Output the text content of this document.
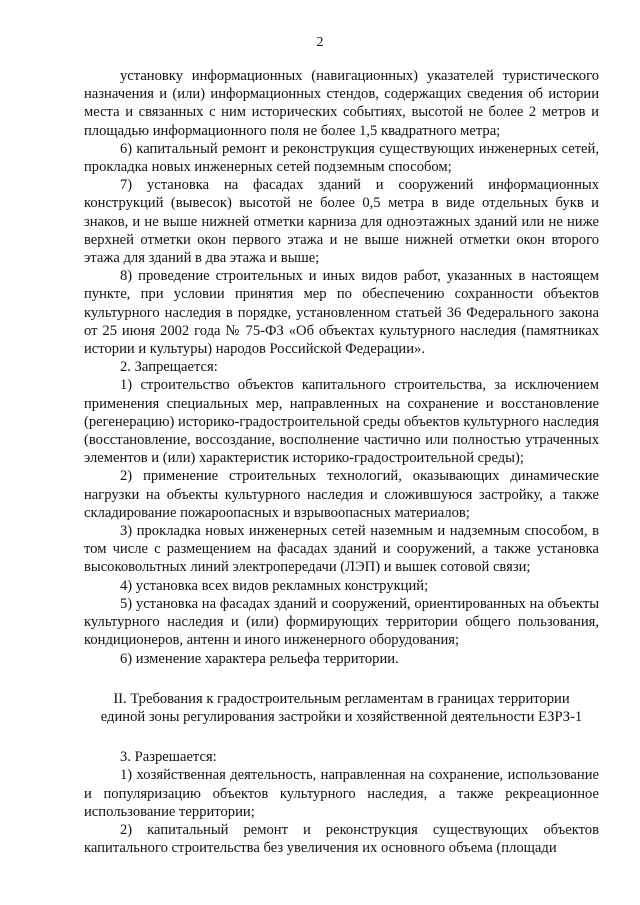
2

установку информационных (навигационных) указателей туристического назначения и (или) информационных стендов, содержащих сведения об истории места и связанных с ним исторических событиях, высотой не более 2 метров и площадью информационного поля не более 1,5 квадратного метра;

6) капитальный ремонт и реконструкция существующих инженерных сетей, прокладка новых инженерных сетей подземным способом;

7) установка на фасадах зданий и сооружений информационных конструкций (вывесок) высотой не более 0,5 метра в виде отдельных букв и знаков, и не выше нижней отметки карниза для одноэтажных зданий или не ниже верхней отметки окон первого этажа и не выше нижней отметки окон второго этажа для зданий в два этажа и выше;

8) проведение строительных и иных видов работ, указанных в настоящем пункте, при условии принятия мер по обеспечению сохранности объектов культурного наследия в порядке, установленном статьей 36 Федерального закона от 25 июня 2002 года № 75-ФЗ «Об объектах культурного наследия (памятниках истории и культуры) народов Российской Федерации».

2. Запрещается:

1) строительство объектов капитального строительства, за исключением применения специальных мер, направленных на сохранение и восстановление (регенерацию) историко-градостроительной среды объектов культурного наследия (восстановление, воссоздание, восполнение частично или полностью утраченных элементов и (или) характеристик историко-градостроительной среды);

2) применение строительных технологий, оказывающих динамические нагрузки на объекты культурного наследия и сложившуюся застройку, а также складирование пожароопасных и взрывоопасных материалов;

3) прокладка новых инженерных сетей наземным и надземным способом, в том числе с размещением на фасадах зданий и сооружений, а также установка высоковольтных линий электропередачи (ЛЭП) и вышек сотовой связи;

4) установка всех видов рекламных конструкций;

5) установка на фасадах зданий и сооружений, ориентированных на объекты культурного наследия и (или) формирующих территории общего пользования, кондиционеров, антенн и иного инженерного оборудования;

6) изменение характера рельефа территории.

II. Требования к градостроительным регламентам в границах территории
единой зоны регулирования застройки и хозяйственной деятельности ЕЗРЗ-1

3. Разрешается:

1) хозяйственная деятельность, направленная на сохранение, использование и популяризацию объектов культурного наследия, а также рекреационное использование территории;

2) капитальный ремонт и реконструкция существующих объектов капитального строительства без увеличения их основного объема (площади
